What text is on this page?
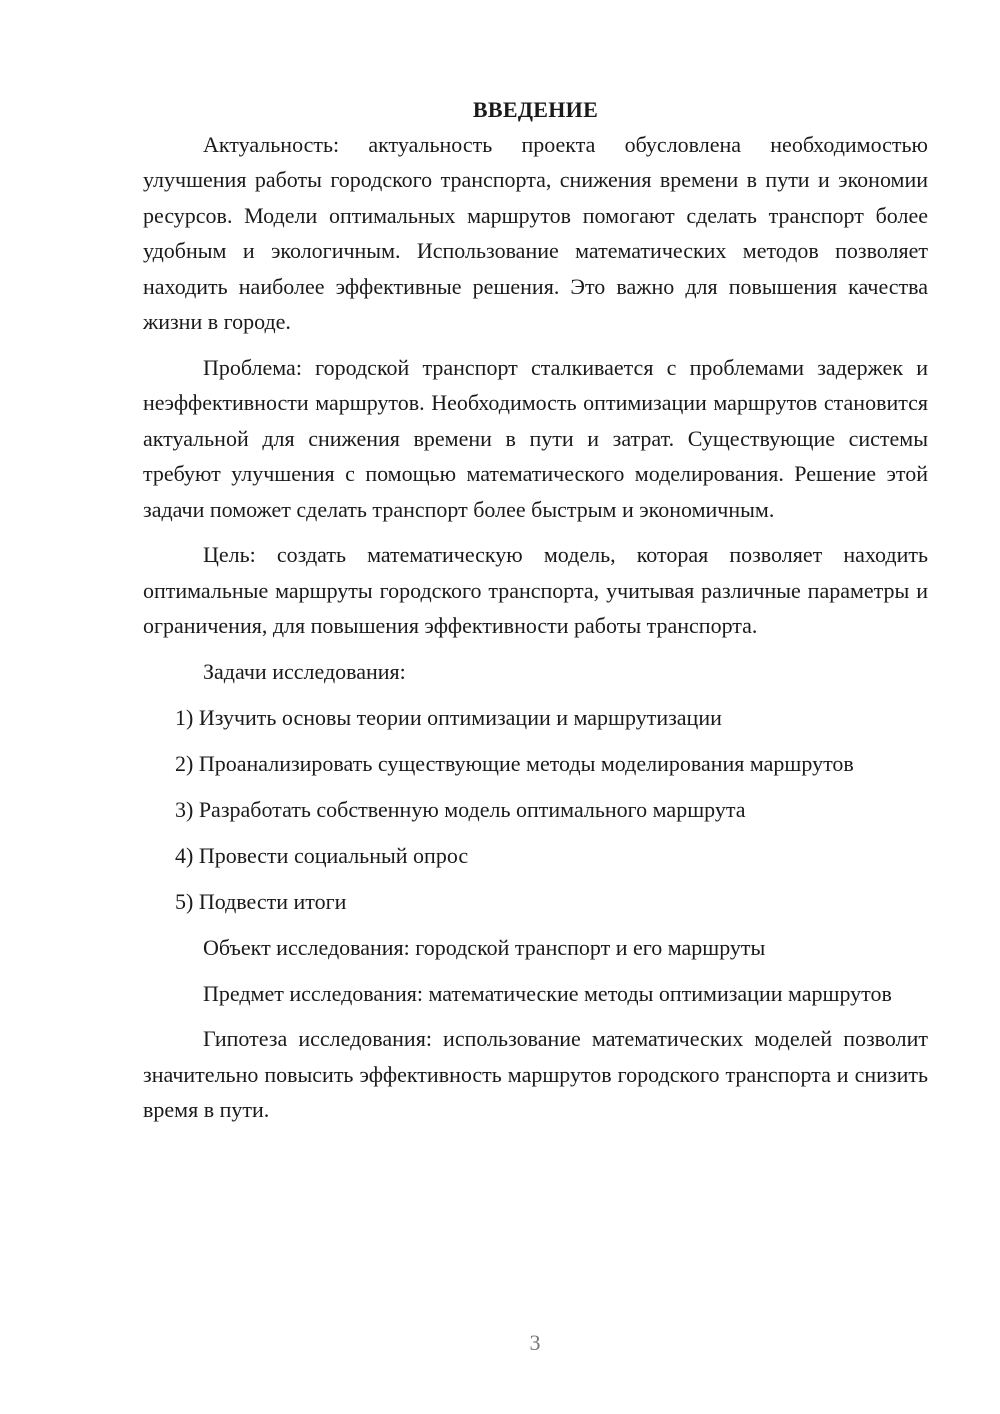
ВВЕДЕНИЕ

Актуальность: актуальность проекта обусловлена необходимостью улучшения работы городского транспорта, снижения времени в пути и экономии ресурсов. Модели оптимальных маршрутов помогают сделать транспорт более удобным и экологичным. Использование математических методов позволяет находить наиболее эффективные решения. Это важно для повышения качества жизни в городе.

Проблема: городской транспорт сталкивается с проблемами задержек и неэффективности маршрутов. Необходимость оптимизации маршрутов становится актуальной для снижения времени в пути и затрат. Существующие системы требуют улучшения с помощью математического моделирования. Решение этой задачи поможет сделать транспорт более быстрым и экономичным.

Цель: создать математическую модель, которая позволяет находить оптимальные маршруты городского транспорта, учитывая различные параметры и ограничения, для повышения эффективности работы транспорта.

Задачи исследования:

1) Изучить основы теории оптимизации и маршрутизации

2) Проанализировать существующие методы моделирования маршрутов

3) Разработать собственную модель оптимального маршрута

4) Провести социальный опрос

5) Подвести итоги

Объект исследования: городской транспорт и его маршруты

Предмет исследования: математические методы оптимизации маршрутов

Гипотеза исследования: использование математических моделей позволит значительно повысить эффективность маршрутов городского транспорта и снизить время в пути.

3
